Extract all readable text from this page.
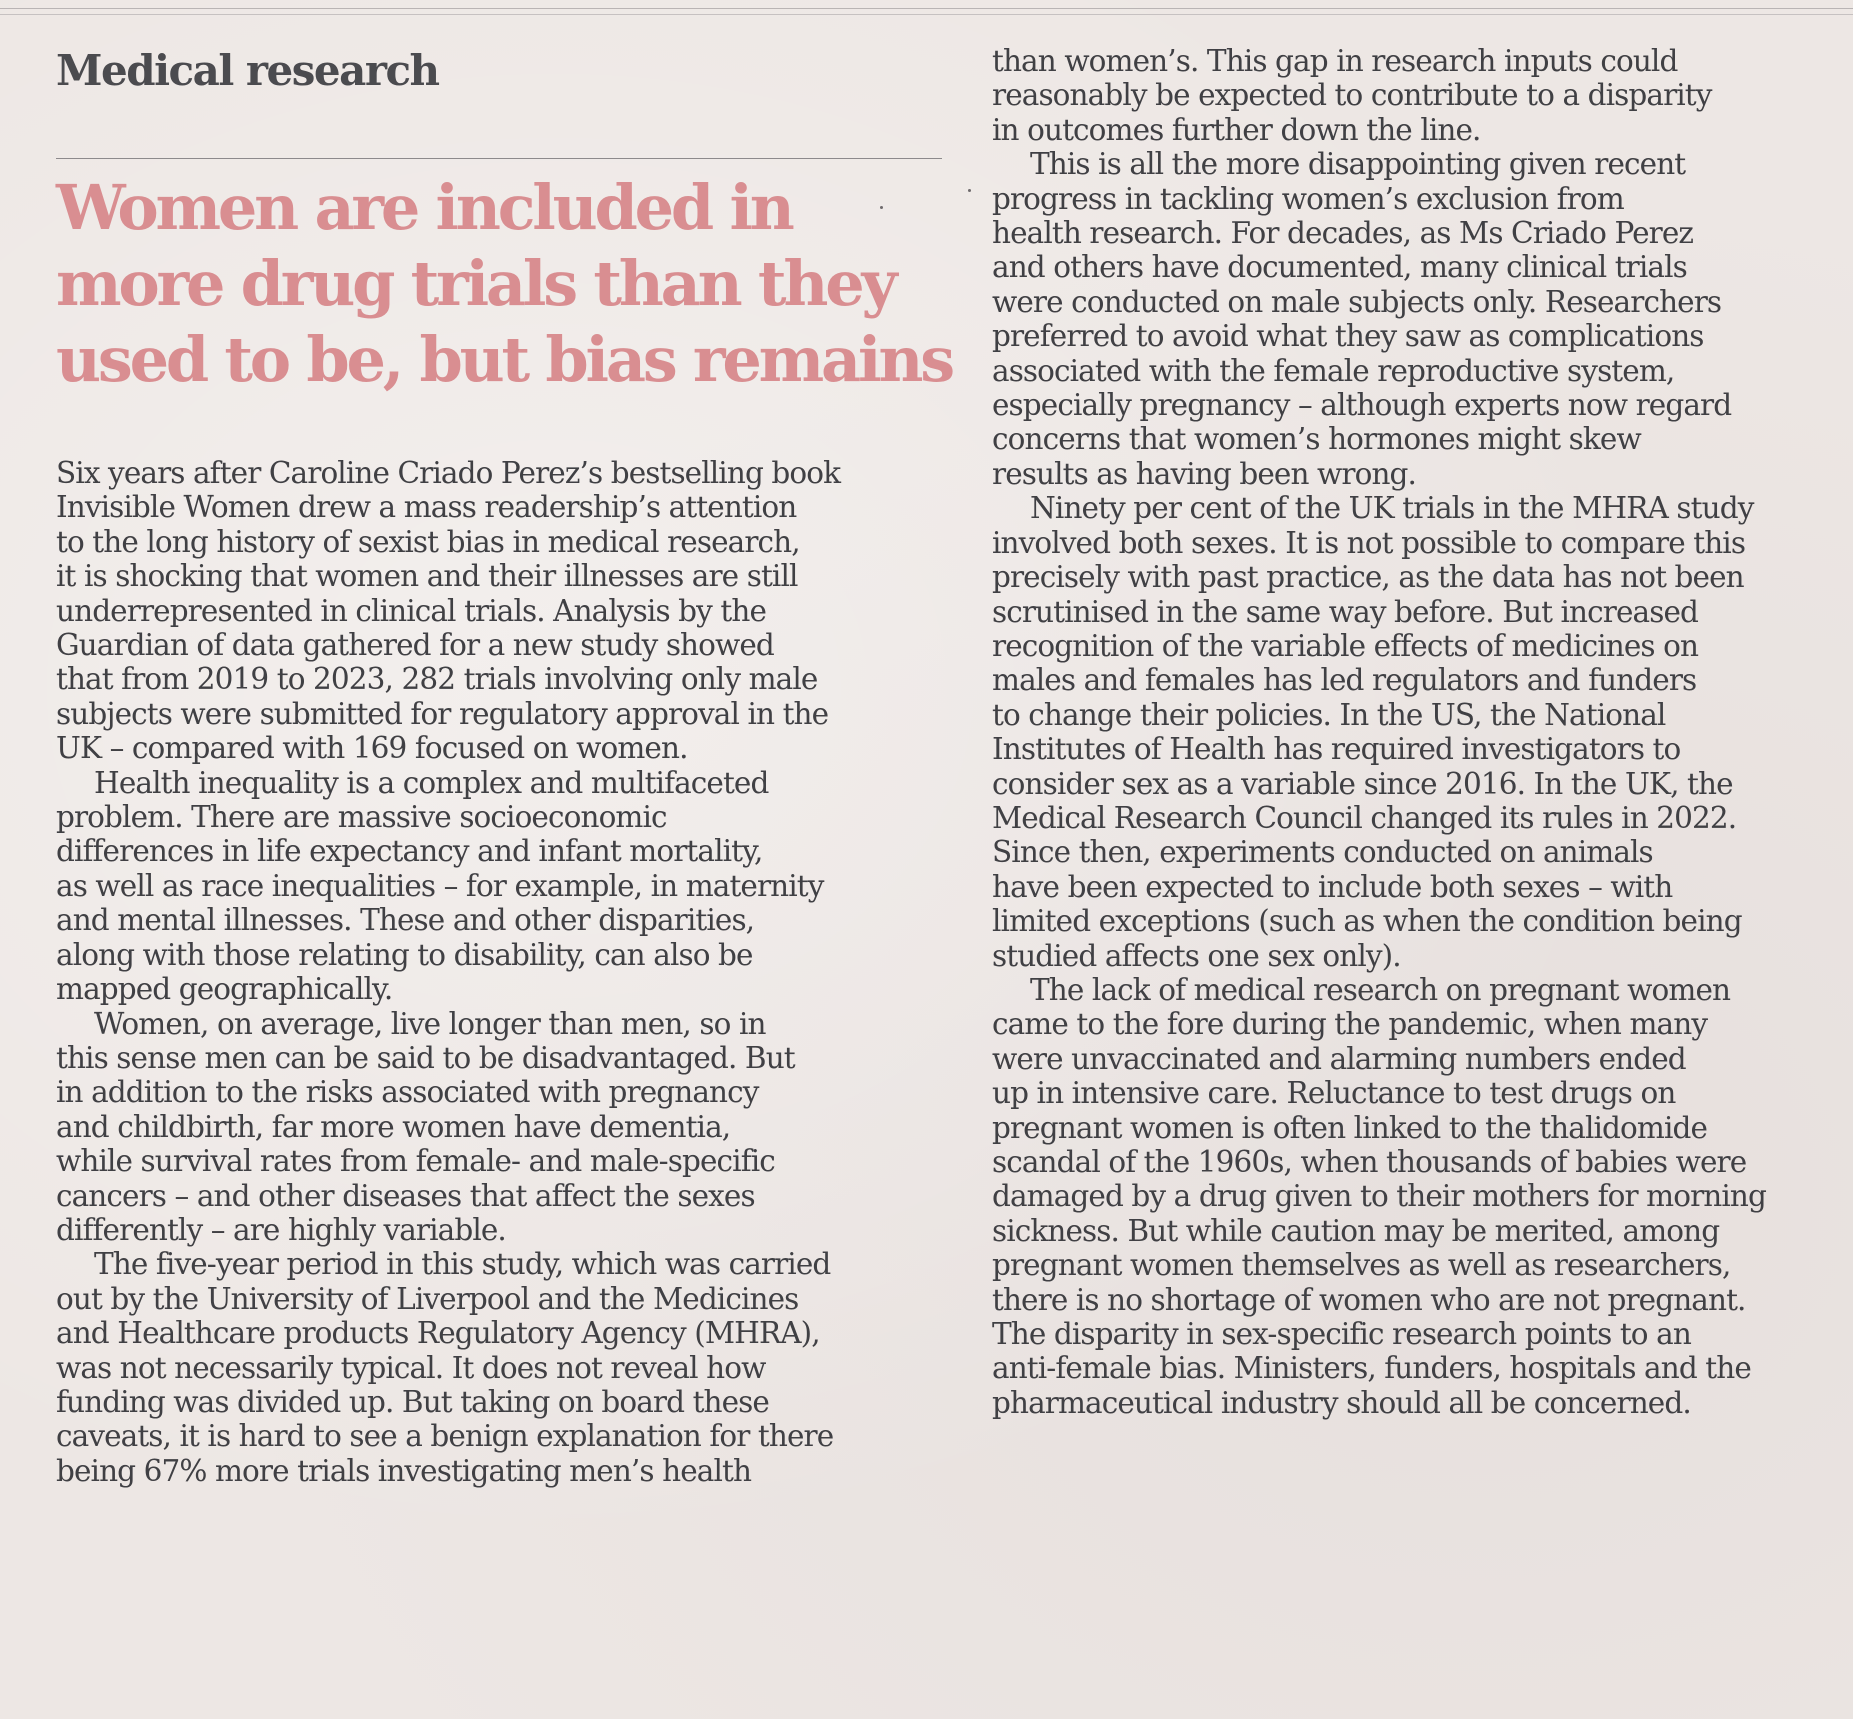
Medical research
Women are included in
more drug trials than they
used to be, but bias remains
Six years after Caroline Criado Perez’s bestselling book
Invisible Women drew a mass readership’s attention
to the long history of sexist bias in medical research,
it is shocking that women and their illnesses are still
underrepresented in clinical trials. Analysis by the
Guardian of data gathered for a new study showed
that from 2019 to 2023, 282 trials involving only male
subjects were submitted for regulatory approval in the
UK – compared with 169 focused on women.
Health inequality is a complex and multifaceted
problem. There are massive socioeconomic
differences in life expectancy and infant mortality,
as well as race inequalities – for example, in maternity
and mental illnesses. These and other disparities,
along with those relating to disability, can also be
mapped geographically.
Women, on average, live longer than men, so in
this sense men can be said to be disadvantaged. But
in addition to the risks associated with pregnancy
and childbirth, far more women have dementia,
while survival rates from female- and male-specific
cancers – and other diseases that affect the sexes
differently – are highly variable.
The five-year period in this study, which was carried
out by the University of Liverpool and the Medicines
and Healthcare products Regulatory Agency (MHRA),
was not necessarily typical. It does not reveal how
funding was divided up. But taking on board these
caveats, it is hard to see a benign explanation for there
being 67% more trials investigating men’s health
than women’s. This gap in research inputs could
reasonably be expected to contribute to a disparity
in outcomes further down the line.
This is all the more disappointing given recent
progress in tackling women’s exclusion from
health research. For decades, as Ms Criado Perez
and others have documented, many clinical trials
were conducted on male subjects only. Researchers
preferred to avoid what they saw as complications
associated with the female reproductive system,
especially pregnancy – although experts now regard
concerns that women’s hormones might skew
results as having been wrong.
Ninety per cent of the UK trials in the MHRA study
involved both sexes. It is not possible to compare this
precisely with past practice, as the data has not been
scrutinised in the same way before. But increased
recognition of the variable effects of medicines on
males and females has led regulators and funders
to change their policies. In the US, the National
Institutes of Health has required investigators to
consider sex as a variable since 2016. In the UK, the
Medical Research Council changed its rules in 2022.
Since then, experiments conducted on animals
have been expected to include both sexes – with
limited exceptions (such as when the condition being
studied affects one sex only).
The lack of medical research on pregnant women
came to the fore during the pandemic, when many
were unvaccinated and alarming numbers ended
up in intensive care. Reluctance to test drugs on
pregnant women is often linked to the thalidomide
scandal of the 1960s, when thousands of babies were
damaged by a drug given to their mothers for morning
sickness. But while caution may be merited, among
pregnant women themselves as well as researchers,
there is no shortage of women who are not pregnant.
The disparity in sex-specific research points to an
anti-female bias. Ministers, funders, hospitals and the
pharmaceutical industry should all be concerned.
